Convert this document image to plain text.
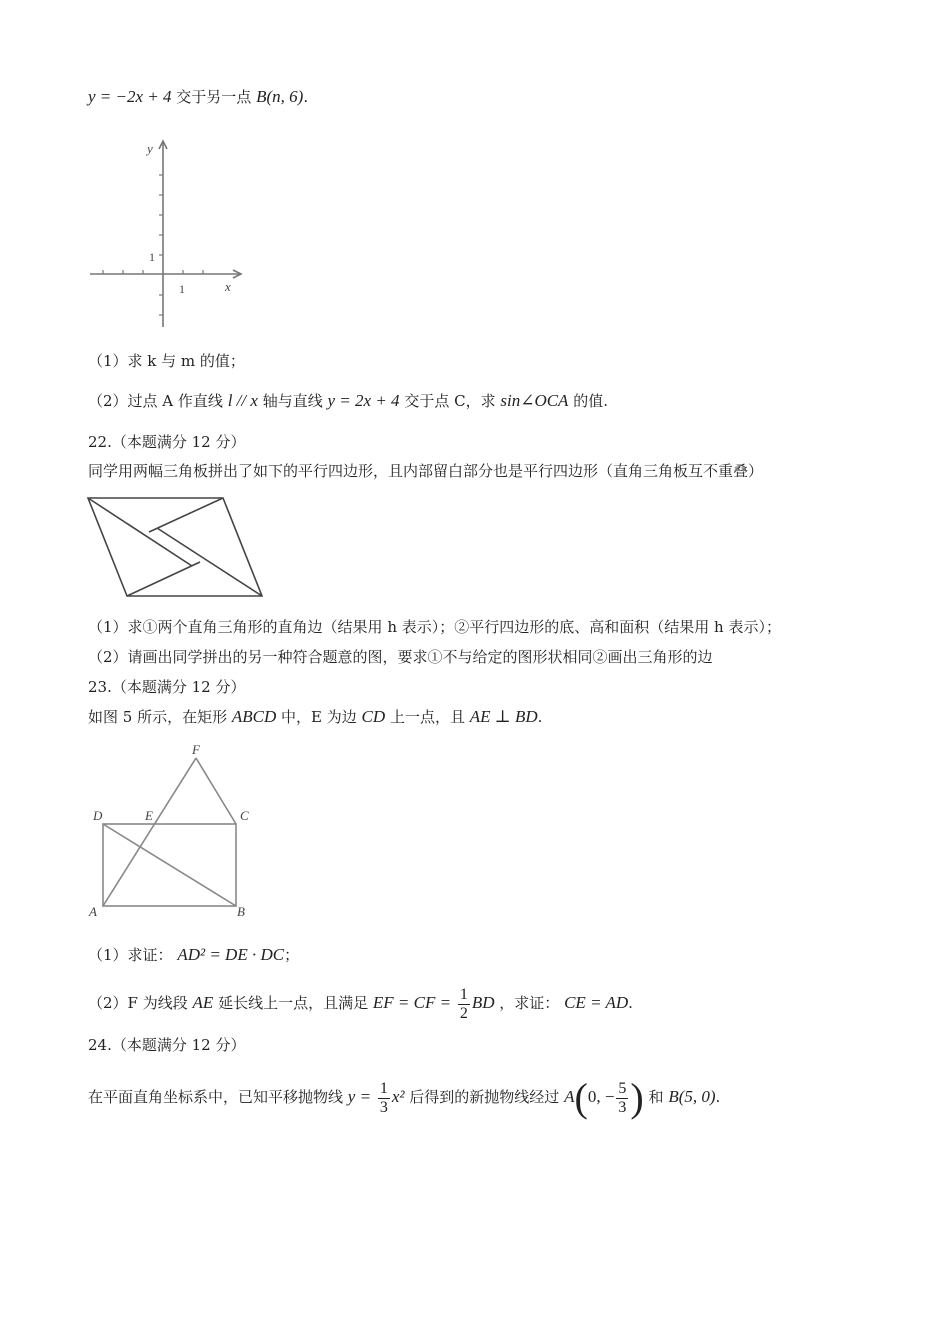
y = −2x + 4 交于另一点 B(n, 6).
y
x
1
1
（1）求 k 与 m 的值；
（2）过点 A 作直线 l // x 轴与直线 y = 2x + 4 交于点 C，求 sin∠OCA 的值.
22.（本题满分 12 分）
同学用两幅三角板拼出了如下的平行四边形，且内部留白部分也是平行四边形（直角三角板互不重叠）
（1）求①两个直角三角形的直角边（结果用 h 表示）；②平行四边形的底、高和面积（结果用 h 表示）；
（2）请画出同学拼出的另一种符合题意的图，要求①不与给定的图形状相同②画出三角形的边
23.（本题满分 12 分）
如图 5 所示，在矩形 ABCD 中，E 为边 CD 上一点，且 AE ⊥ BD.
F
D	E	C
A	B
（1）求证： AD² = DE · DC；
（2）F 为线段 AE 延长线上一点，且满足 EF = CF = $\frac{1}{2}$ BD ，求证： CE = AD.
24.（本题满分 12 分）
在平面直角坐标系中，已知平移抛物线 $y = \frac{1}{3} x^2$ 后得到的新抛物线经过 A(0, − $\frac{5}{3}$ ) 和 B(5, 0).
